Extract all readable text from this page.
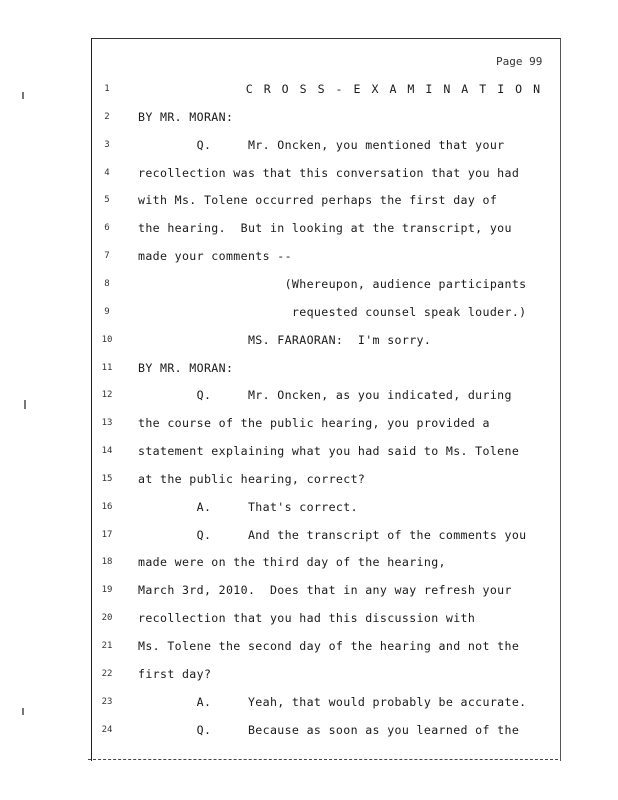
Page 99
1	C R O S S - E X A M I N A T I O N
2	BY MR. MORAN:
3	Q.     Mr. Oncken, you mentioned that your
4	recollection was that this conversation that you had
5	with Ms. Tolene occurred perhaps the first day of
6	the hearing.  But in looking at the transcript, you
7	made your comments --
8	(Whereupon, audience participants
9	requested counsel speak louder.)
10 MS. FARAORAN:  I'm sorry.
11 BY MR. MORAN:
12 Q.     Mr. Oncken, as you indicated, during
13 the course of the public hearing, you provided a
14 statement explaining what you had said to Ms. Tolene
15 at the public hearing, correct?
16 A.     That's correct.
17 Q.     And the transcript of the comments you
18 made were on the third day of the hearing,
19 March 3rd, 2010.  Does that in any way refresh your
20 recollection that you had this discussion with
21 Ms. Tolene the second day of the hearing and not the
22 first day?
23 A.     Yeah, that would probably be accurate.
24 Q.     Because as soon as you learned of the
